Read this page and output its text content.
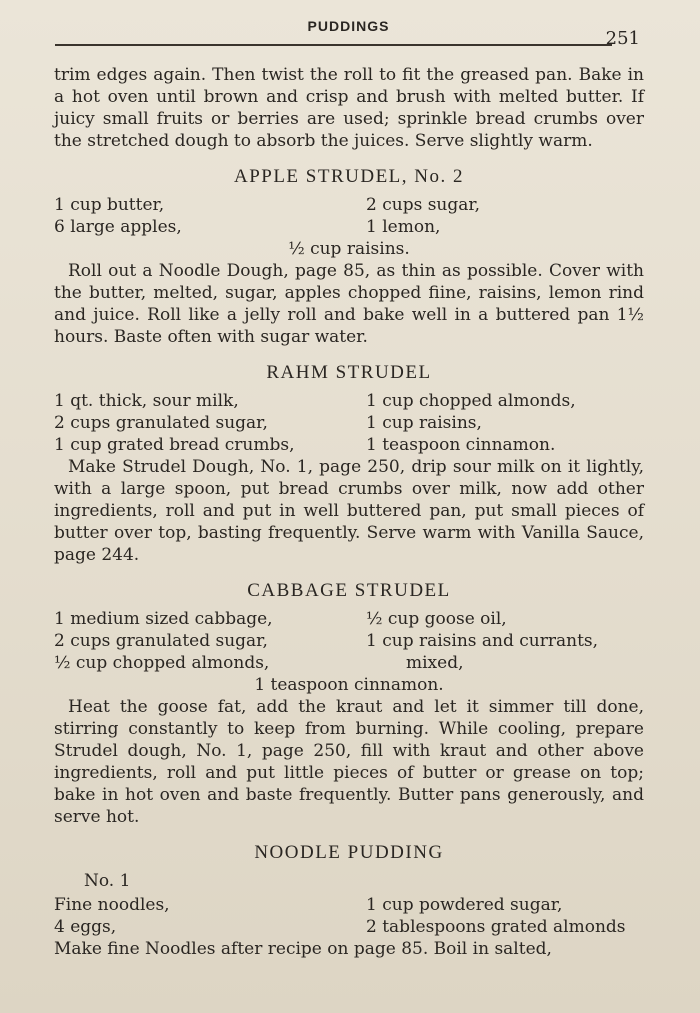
PUDDINGS
251

trim edges again. Then twist the roll to fit the greased pan. Bake in a hot oven until brown and crisp and brush with melted butter. If juicy small fruits or berries are used; sprinkle bread crumbs over the stretched dough to absorb the juices. Serve slightly warm.

APPLE STRUDEL, No. 2
1 cup butter,	2 cups sugar,
6 large apples,	1 lemon,
½ cup raisins.

Roll out a Noodle Dough, page 85, as thin as possible. Cover with the butter, melted, sugar, apples chopped fiine, raisins, lemon rind and juice. Roll like a jelly roll and bake well in a buttered pan 1½ hours. Baste often with sugar water.

RAHM STRUDEL
1 qt. thick, sour milk,	1 cup chopped almonds,
2 cups granulated sugar,	1 cup raisins,
1 cup grated bread crumbs,	1 teaspoon cinnamon.

Make Strudel Dough, No. 1, page 250, drip sour milk on it lightly, with a large spoon, put bread crumbs over milk, now add other ingredients, roll and put in well buttered pan, put small pieces of butter over top, basting frequently. Serve warm with Vanilla Sauce, page 244.

CABBAGE STRUDEL
1 medium sized cabbage,	½ cup goose oil,
2 cups granulated sugar,	1 cup raisins and currants,
½ cup chopped almonds,	mixed,
1 teaspoon cinnamon.

Heat the goose fat, add the kraut and let it simmer till done, stirring constantly to keep from burning. While cooling, prepare Strudel dough, No. 1, page 250, fill with kraut and other above ingredients, roll and put little pieces of butter or grease on top; bake in hot oven and baste frequently. Butter pans generously, and serve hot.

NOODLE PUDDING
No. 1
Fine noodles,	1 cup powdered sugar,
4 eggs,	2 tablespoons grated almonds

Make fine Noodles after recipe on page 85. Boil in salted,
